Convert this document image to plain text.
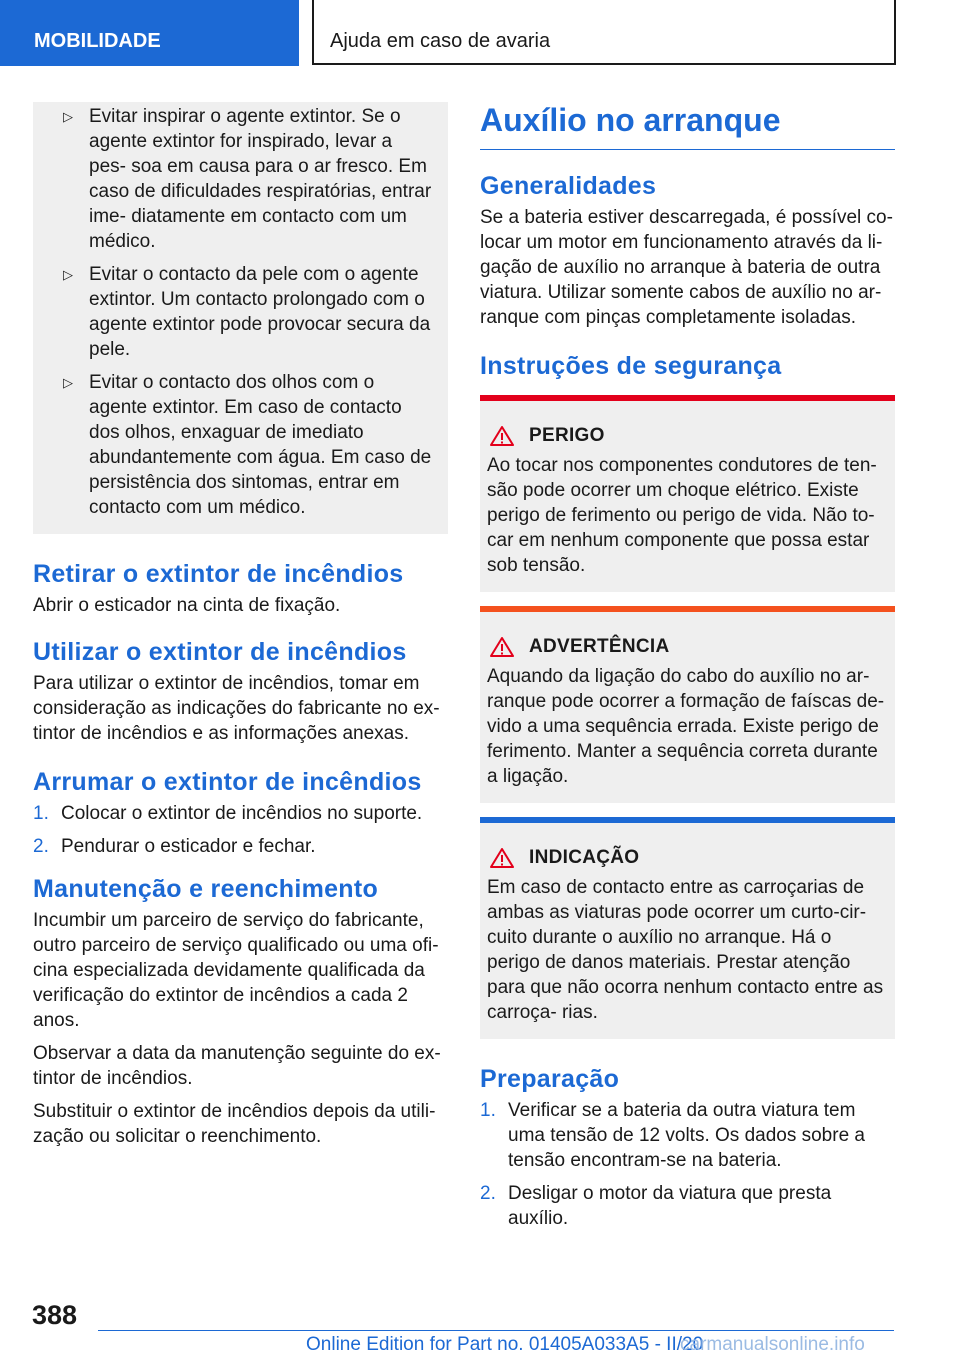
MOBILIDADE	Ajuda em caso de avaria
▷ Evitar inspirar o agente extintor. Se o agente extintor for inspirado, levar a pes- soa em causa para o ar fresco. Em caso de dificuldades respiratórias, entrar ime- diatamente em contacto com um médico.
▷ Evitar o contacto da pele com o agente extintor. Um contacto prolongado com o agente extintor pode provocar secura da pele.
▷ Evitar o contacto dos olhos com o agente extintor. Em caso de contacto dos olhos, enxaguar de imediato abundantemente com água. Em caso de persistência dos sintomas, entrar em contacto com um médico.
Retirar o extintor de incêndios

Abrir o esticador na cinta de fixação.

Utilizar o extintor de incêndios

Para utilizar o extintor de incêndios, tomar em consideração as indicações do fabricante no ex- tintor de incêndios e as informações anexas.

Arrumar o extintor de incêndios
1. Colocar o extintor de incêndios no suporte.
2. Pendurar o esticador e fechar.
Manutenção e reenchimento

Incumbir um parceiro de serviço do fabricante, outro parceiro de serviço qualificado ou uma ofi- cina especializada devidamente qualificada da verificação do extintor de incêndios a cada 2 anos.

Observar a data da manutenção seguinte do ex- tintor de incêndios.

Substituir o extintor de incêndios depois da utili- zação ou solicitar o reenchimento.

Auxílio no arranque
Generalidades

Se a bateria estiver descarregada, é possível co- locar um motor em funcionamento através da li- gação de auxílio no arranque à bateria de outra viatura. Utilizar somente cabos de auxílio no ar- ranque com pinças completamente isoladas.

Instruções de segurança
PERIGO

Ao tocar nos componentes condutores de ten- são pode ocorrer um choque elétrico. Existe perigo de ferimento ou perigo de vida. Não to- car em nenhum componente que possa estar sob tensão.

ADVERTÊNCIA

Aquando da ligação do cabo do auxílio no ar- ranque pode ocorrer a formação de faíscas de- vido a uma sequência errada. Existe perigo de ferimento. Manter a sequência correta durante a ligação.

INDICAÇÃO

Em caso de contacto entre as carroçarias de ambas as viaturas pode ocorrer um curto-cir- cuito durante o auxílio no arranque. Há o perigo de danos materiais. Prestar atenção para que não ocorra nenhum contacto entre as carroça- rias.

Preparação
1. Verificar se a bateria da outra viatura tem uma tensão de 12 volts. Os dados sobre a tensão encontram-se na bateria.
2. Desligar o motor da viatura que presta auxílio.
388
Online Edition for Part no. 01405A033A5 - II/20
carmanualsonline.info
